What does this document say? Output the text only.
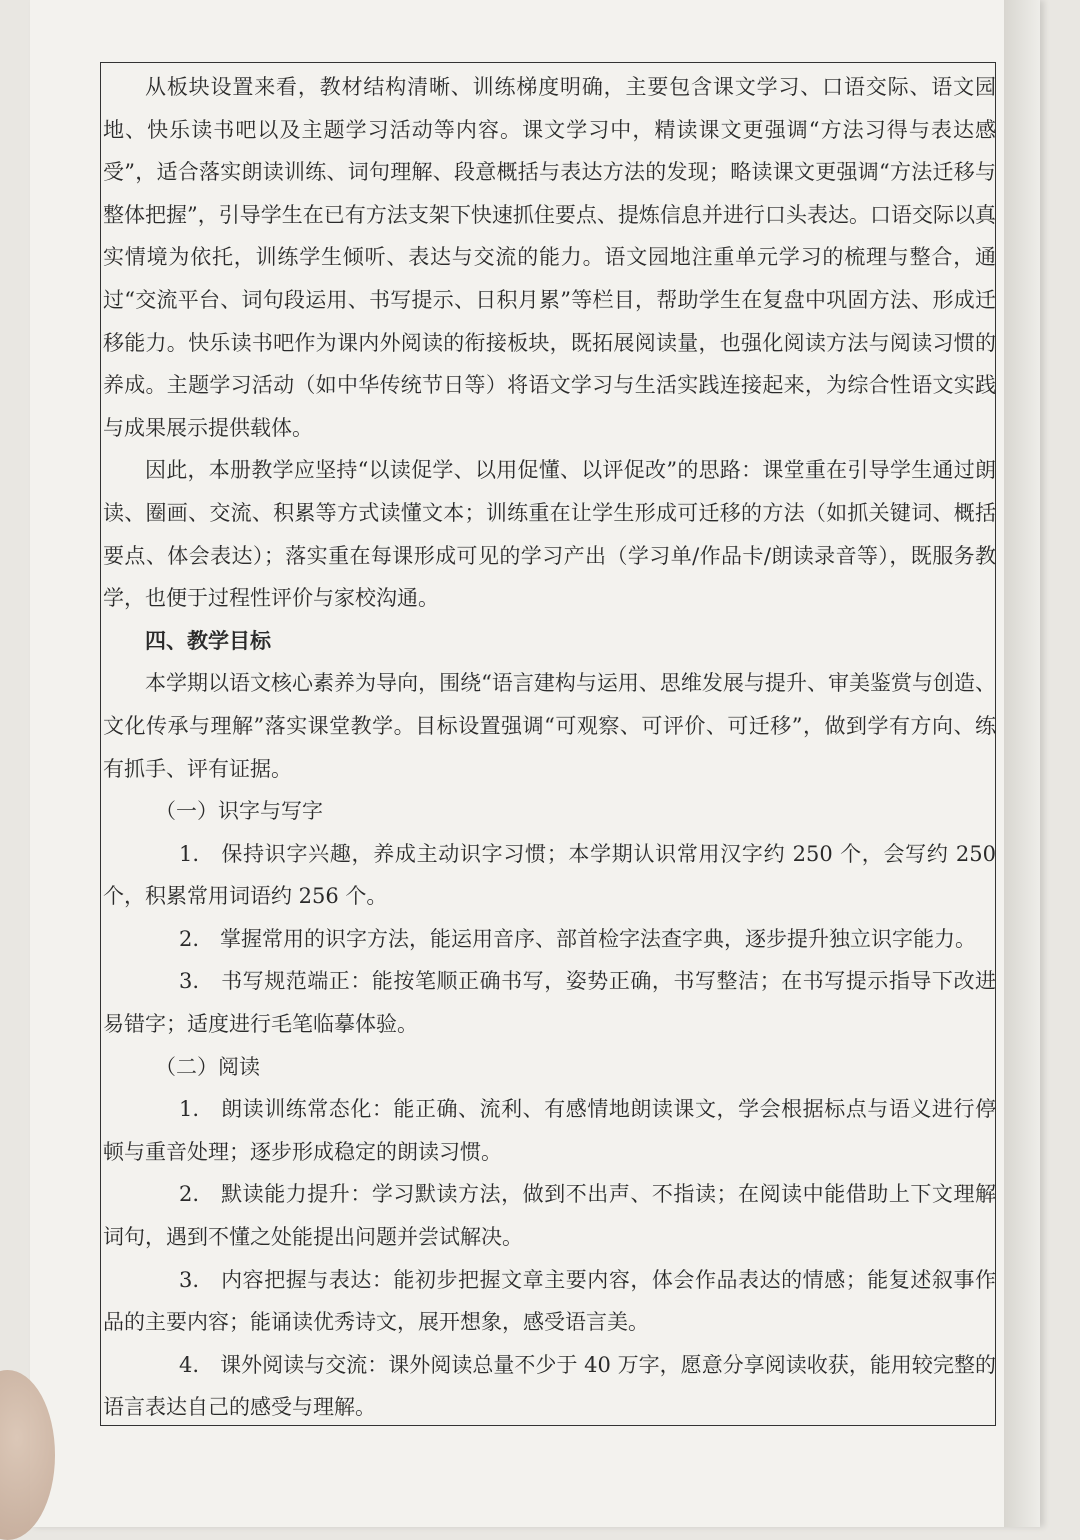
从板块设置来看，教材结构清晰、训练梯度明确，主要包含课文学习、口语交际、语文园地、快乐读书吧以及主题学习活动等内容。课文学习中，精读课文更强调“方法习得与表达感受”，适合落实朗读训练、词句理解、段意概括与表达方法的发现；略读课文更强调“方法迁移与整体把握”，引导学生在已有方法支架下快速抓住要点、提炼信息并进行口头表达。口语交际以真实情境为依托，训练学生倾听、表达与交流的能力。语文园地注重单元学习的梳理与整合，通过“交流平台、词句段运用、书写提示、日积月累”等栏目，帮助学生在复盘中巩固方法、形成迁移能力。快乐读书吧作为课内外阅读的衔接板块，既拓展阅读量，也强化阅读方法与阅读习惯的养成。主题学习活动（如中华传统节日等）将语文学习与生活实践连接起来，为综合性语文实践与成果展示提供载体。

因此，本册教学应坚持“以读促学、以用促懂、以评促改”的思路：课堂重在引导学生通过朗读、圈画、交流、积累等方式读懂文本；训练重在让学生形成可迁移的方法（如抓关键词、概括要点、体会表达）；落实重在每课形成可见的学习产出（学习单/作品卡/朗读录音等），既服务教学，也便于过程性评价与家校沟通。

四、教学目标

本学期以语文核心素养为导向，围绕“语言建构与运用、思维发展与提升、审美鉴赏与创造、文化传承与理解”落实课堂教学。目标设置强调“可观察、可评价、可迁移”，做到学有方向、练有抓手、评有证据。

（一）识字与写字

1.　保持识字兴趣，养成主动识字习惯；本学期认识常用汉字约 250 个，会写约 250 个，积累常用词语约 256 个。

2.　掌握常用的识字方法，能运用音序、部首检字法查字典，逐步提升独立识字能力。

3.　书写规范端正：能按笔顺正确书写，姿势正确，书写整洁；在书写提示指导下改进易错字；适度进行毛笔临摹体验。

（二）阅读

1.　朗读训练常态化：能正确、流利、有感情地朗读课文，学会根据标点与语义进行停顿与重音处理；逐步形成稳定的朗读习惯。

2.　默读能力提升：学习默读方法，做到不出声、不指读；在阅读中能借助上下文理解词句，遇到不懂之处能提出问题并尝试解决。

3.　内容把握与表达：能初步把握文章主要内容，体会作品表达的情感；能复述叙事作品的主要内容；能诵读优秀诗文，展开想象，感受语言美。

4.　课外阅读与交流：课外阅读总量不少于 40 万字，愿意分享阅读收获，能用较完整的语言表达自己的感受与理解。
